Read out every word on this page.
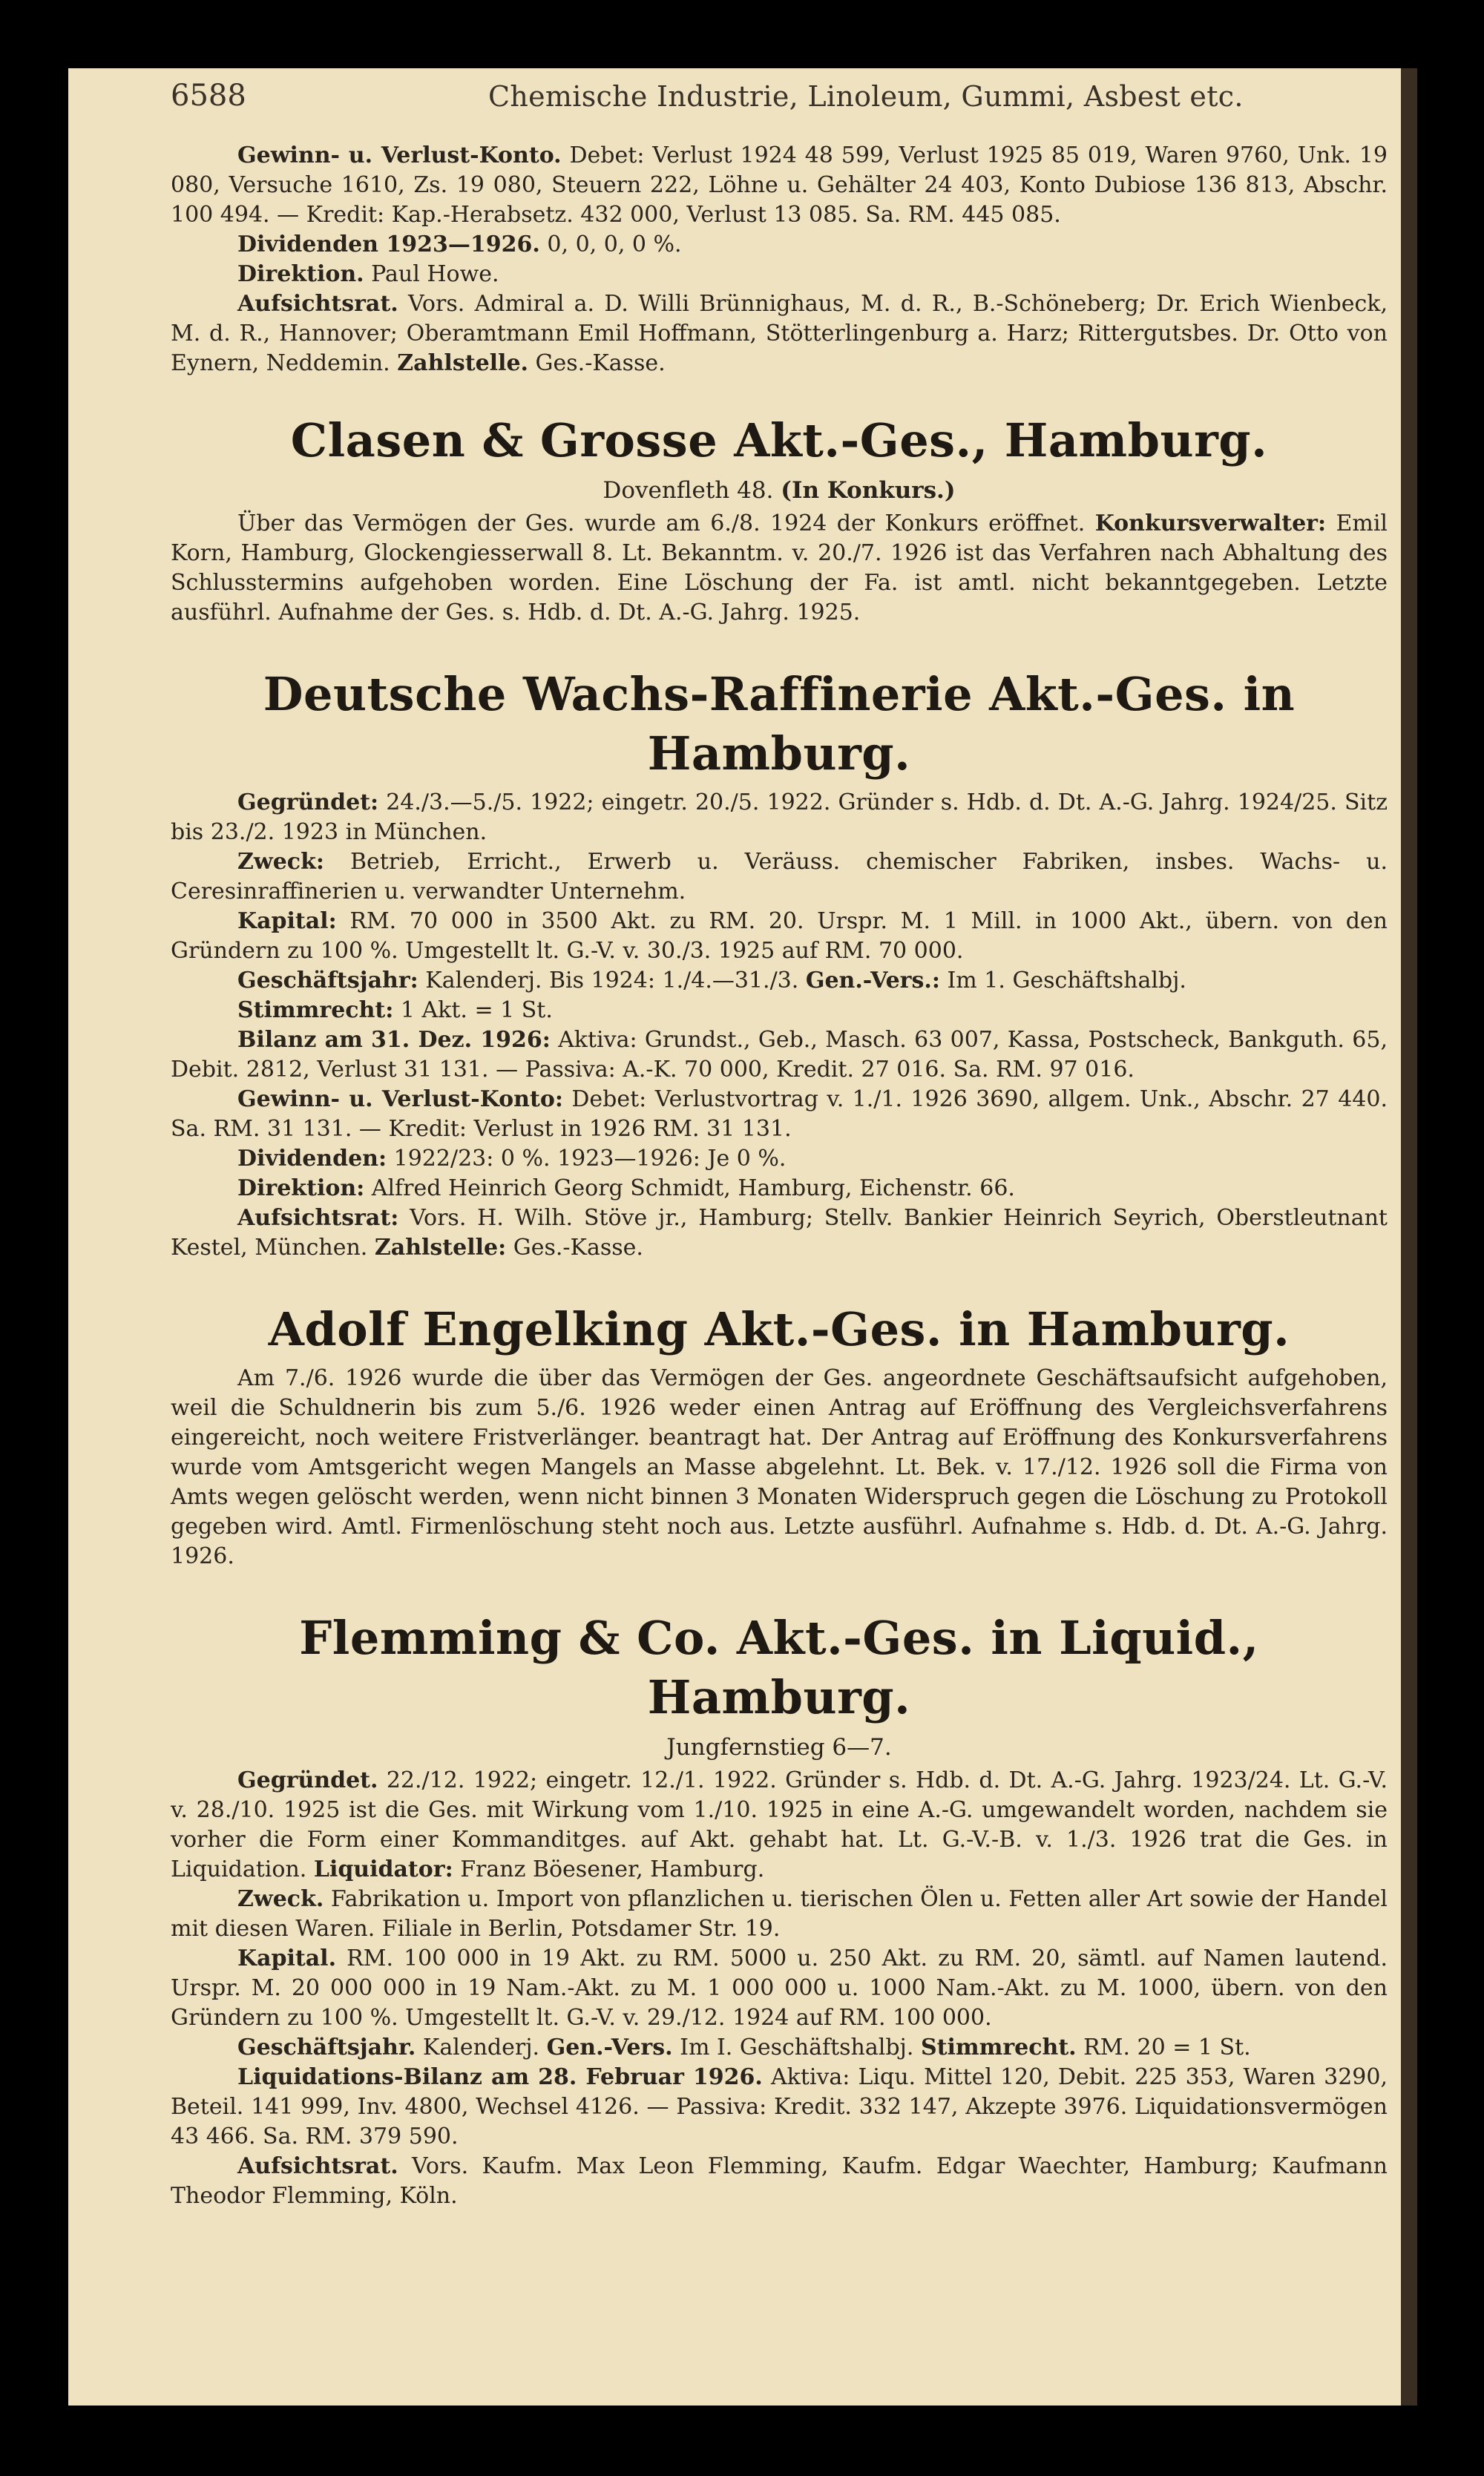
6588	Chemische Industrie, Linoleum, Gummi, Asbest etc.

Gewinn- u. Verlust-Konto. Debet: Verlust 1924 48 599, Verlust 1925 85 019, Waren 9760, Unk. 19 080, Versuche 1610, Zs. 19 080, Steuern 222, Löhne u. Gehälter 24 403, Konto Dubiose 136 813, Abschr. 100 494. — Kredit: Kap.-Herabsetz. 432 000, Verlust 13 085. Sa. RM. 445 085.

Dividenden 1923—1926. 0, 0, 0, 0 %.

Direktion. Paul Howe.

Aufsichtsrat. Vors. Admiral a. D. Willi Brünnighaus, M. d. R., B.-Schöneberg; Dr. Erich Wienbeck, M. d. R., Hannover; Oberamtmann Emil Hoffmann, Stötterlingenburg a. Harz; Rittergutsbes. Dr. Otto von Eynern, Neddemin. Zahlstelle. Ges.-Kasse.

Clasen & Grosse Akt.-Ges., Hamburg.
Dovenfleth 48. (In Konkurs.)

Über das Vermögen der Ges. wurde am 6./8. 1924 der Konkurs eröffnet. Konkursverwalter: Emil Korn, Hamburg, Glockengiesserwall 8. Lt. Bekanntm. v. 20./7. 1926 ist das Verfahren nach Abhaltung des Schlusstermins aufgehoben worden. Eine Löschung der Fa. ist amtl. nicht bekanntgegeben. Letzte ausführl. Aufnahme der Ges. s. Hdb. d. Dt. A.-G. Jahrg. 1925.

Deutsche Wachs-Raffinerie Akt.-Ges. in Hamburg.

Gegründet: 24./3.—5./5. 1922; eingetr. 20./5. 1922. Gründer s. Hdb. d. Dt. A.-G. Jahrg. 1924/25. Sitz bis 23./2. 1923 in München.

Zweck: Betrieb, Erricht., Erwerb u. Veräuss. chemischer Fabriken, insbes. Wachs- u. Ceresinraffinerien u. verwandter Unternehm.

Kapital: RM. 70 000 in 3500 Akt. zu RM. 20. Urspr. M. 1 Mill. in 1000 Akt., übern. von den Gründern zu 100 %. Umgestellt lt. G.-V. v. 30./3. 1925 auf RM. 70 000.

Geschäftsjahr: Kalenderj. Bis 1924: 1./4.—31./3. Gen.-Vers.: Im 1. Geschäftshalbj.

Stimmrecht: 1 Akt. = 1 St.

Bilanz am 31. Dez. 1926: Aktiva: Grundst., Geb., Masch. 63 007, Kassa, Postscheck, Bankguth. 65, Debit. 2812, Verlust 31 131. — Passiva: A.-K. 70 000, Kredit. 27 016. Sa. RM. 97 016.

Gewinn- u. Verlust-Konto: Debet: Verlustvortrag v. 1./1. 1926 3690, allgem. Unk., Abschr. 27 440. Sa. RM. 31 131. — Kredit: Verlust in 1926 RM. 31 131.

Dividenden: 1922/23: 0 %. 1923—1926: Je 0 %.

Direktion: Alfred Heinrich Georg Schmidt, Hamburg, Eichenstr. 66.

Aufsichtsrat: Vors. H. Wilh. Stöve jr., Hamburg; Stellv. Bankier Heinrich Seyrich, Oberstleutnant Kestel, München. Zahlstelle: Ges.-Kasse.

Adolf Engelking Akt.-Ges. in Hamburg.

Am 7./6. 1926 wurde die über das Vermögen der Ges. angeordnete Geschäftsaufsicht aufgehoben, weil die Schuldnerin bis zum 5./6. 1926 weder einen Antrag auf Eröffnung des Vergleichsverfahrens eingereicht, noch weitere Fristverlänger. beantragt hat. Der Antrag auf Eröffnung des Konkursverfahrens wurde vom Amtsgericht wegen Mangels an Masse abgelehnt. Lt. Bek. v. 17./12. 1926 soll die Firma von Amts wegen gelöscht werden, wenn nicht binnen 3 Monaten Widerspruch gegen die Löschung zu Protokoll gegeben wird. Amtl. Firmenlöschung steht noch aus. Letzte ausführl. Aufnahme s. Hdb. d. Dt. A.-G. Jahrg. 1926.

Flemming & Co. Akt.-Ges. in Liquid., Hamburg.
Jungfernstieg 6—7.

Gegründet. 22./12. 1922; eingetr. 12./1. 1922. Gründer s. Hdb. d. Dt. A.-G. Jahrg. 1923/24. Lt. G.-V. v. 28./10. 1925 ist die Ges. mit Wirkung vom 1./10. 1925 in eine A.-G. umgewandelt worden, nachdem sie vorher die Form einer Kommanditges. auf Akt. gehabt hat. Lt. G.-V.-B. v. 1./3. 1926 trat die Ges. in Liquidation. Liquidator: Franz Böesener, Hamburg.

Zweck. Fabrikation u. Import von pflanzlichen u. tierischen Ölen u. Fetten aller Art sowie der Handel mit diesen Waren. Filiale in Berlin, Potsdamer Str. 19.

Kapital. RM. 100 000 in 19 Akt. zu RM. 5000 u. 250 Akt. zu RM. 20, sämtl. auf Namen lautend. Urspr. M. 20 000 000 in 19 Nam.-Akt. zu M. 1 000 000 u. 1000 Nam.-Akt. zu M. 1000, übern. von den Gründern zu 100 %. Umgestellt lt. G.-V. v. 29./12. 1924 auf RM. 100 000.

Geschäftsjahr. Kalenderj. Gen.-Vers. Im I. Geschäftshalbj. Stimmrecht. RM. 20 = 1 St.

Liquidations-Bilanz am 28. Februar 1926. Aktiva: Liqu. Mittel 120, Debit. 225 353, Waren 3290, Beteil. 141 999, Inv. 4800, Wechsel 4126. — Passiva: Kredit. 332 147, Akzepte 3976. Liquidationsvermögen 43 466. Sa. RM. 379 590.

Aufsichtsrat. Vors. Kaufm. Max Leon Flemming, Kaufm. Edgar Waechter, Hamburg; Kaufmann Theodor Flemming, Köln.
